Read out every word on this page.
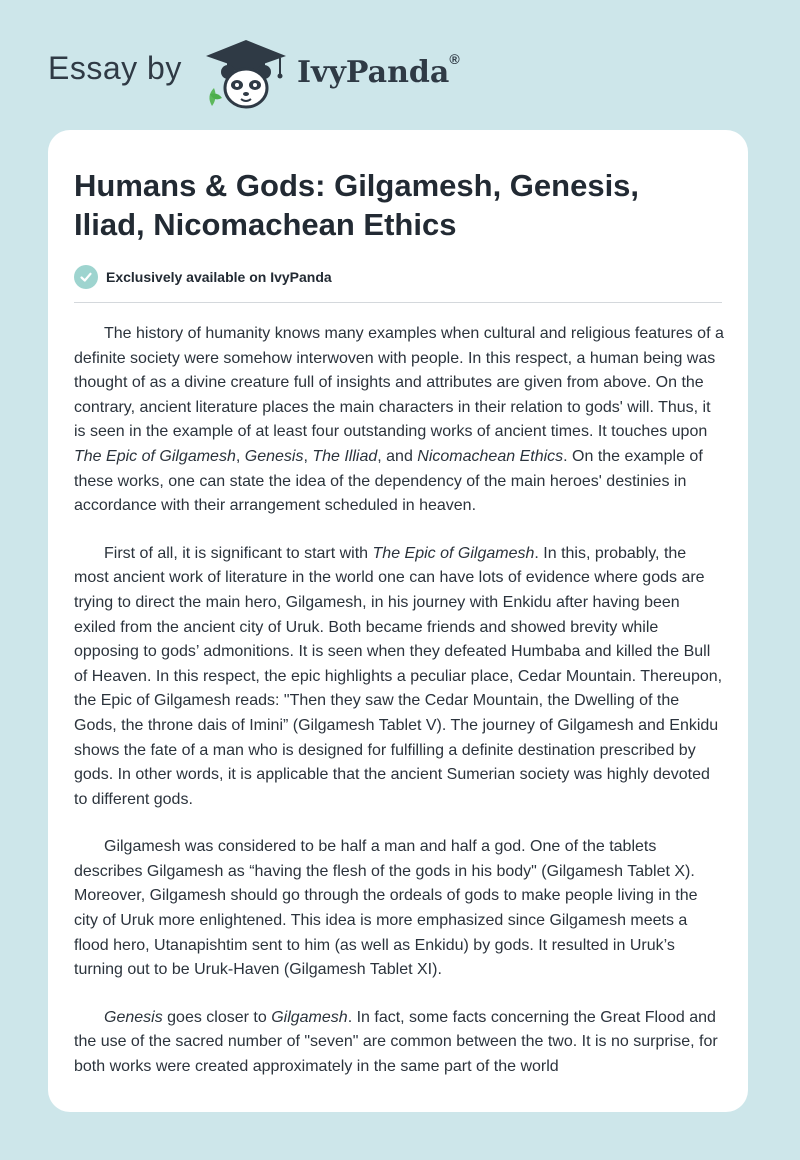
Essay by	IvyPanda®
Humans & Gods: Gilgamesh, Genesis, Iliad, Nicomachean Ethics
Exclusively available on IvyPanda

The history of humanity knows many examples when cultural and religious features of a definite society were somehow interwoven with people. In this respect, a human being was thought of as a divine creature full of insights and attributes are given from above. On the contrary, ancient literature places the main characters in their relation to gods' will. Thus, it is seen in the example of at least four outstanding works of ancient times. It touches upon The Epic of Gilgamesh, Genesis, The Illiad, and Nicomachean Ethics. On the example of these works, one can state the idea of the dependency of the main heroes' destinies in accordance with their arrangement scheduled in heaven.

First of all, it is significant to start with The Epic of Gilgamesh. In this, probably, the most ancient work of literature in the world one can have lots of evidence where gods are trying to direct the main hero, Gilgamesh, in his journey with Enkidu after having been exiled from the ancient city of Uruk. Both became friends and showed brevity while opposing to gods’ admonitions. It is seen when they defeated Humbaba and killed the Bull of Heaven. In this respect, the epic highlights a peculiar place, Cedar Mountain. Thereupon, the Epic of Gilgamesh reads: "Then they saw the Cedar Mountain, the Dwelling of the Gods, the throne dais of Imini” (Gilgamesh Tablet V). The journey of Gilgamesh and Enkidu shows the fate of a man who is designed for fulfilling a definite destination prescribed by gods. In other words, it is applicable that the ancient Sumerian society was highly devoted to different gods.

Gilgamesh was considered to be half a man and half a god. One of the tablets describes Gilgamesh as “having the flesh of the gods in his body" (Gilgamesh Tablet X). Moreover, Gilgamesh should go through the ordeals of gods to make people living in the city of Uruk more enlightened. This idea is more emphasized since Gilgamesh meets a flood hero, Utanapishtim sent to him (as well as Enkidu) by gods. It resulted in Uruk’s turning out to be Uruk-Haven (Gilgamesh Tablet XI).

Genesis goes closer to Gilgamesh. In fact, some facts concerning the Great Flood and the use of the sacred number of "seven" are common between the two. It is no surprise, for both works were created approximately in the same part of the world
